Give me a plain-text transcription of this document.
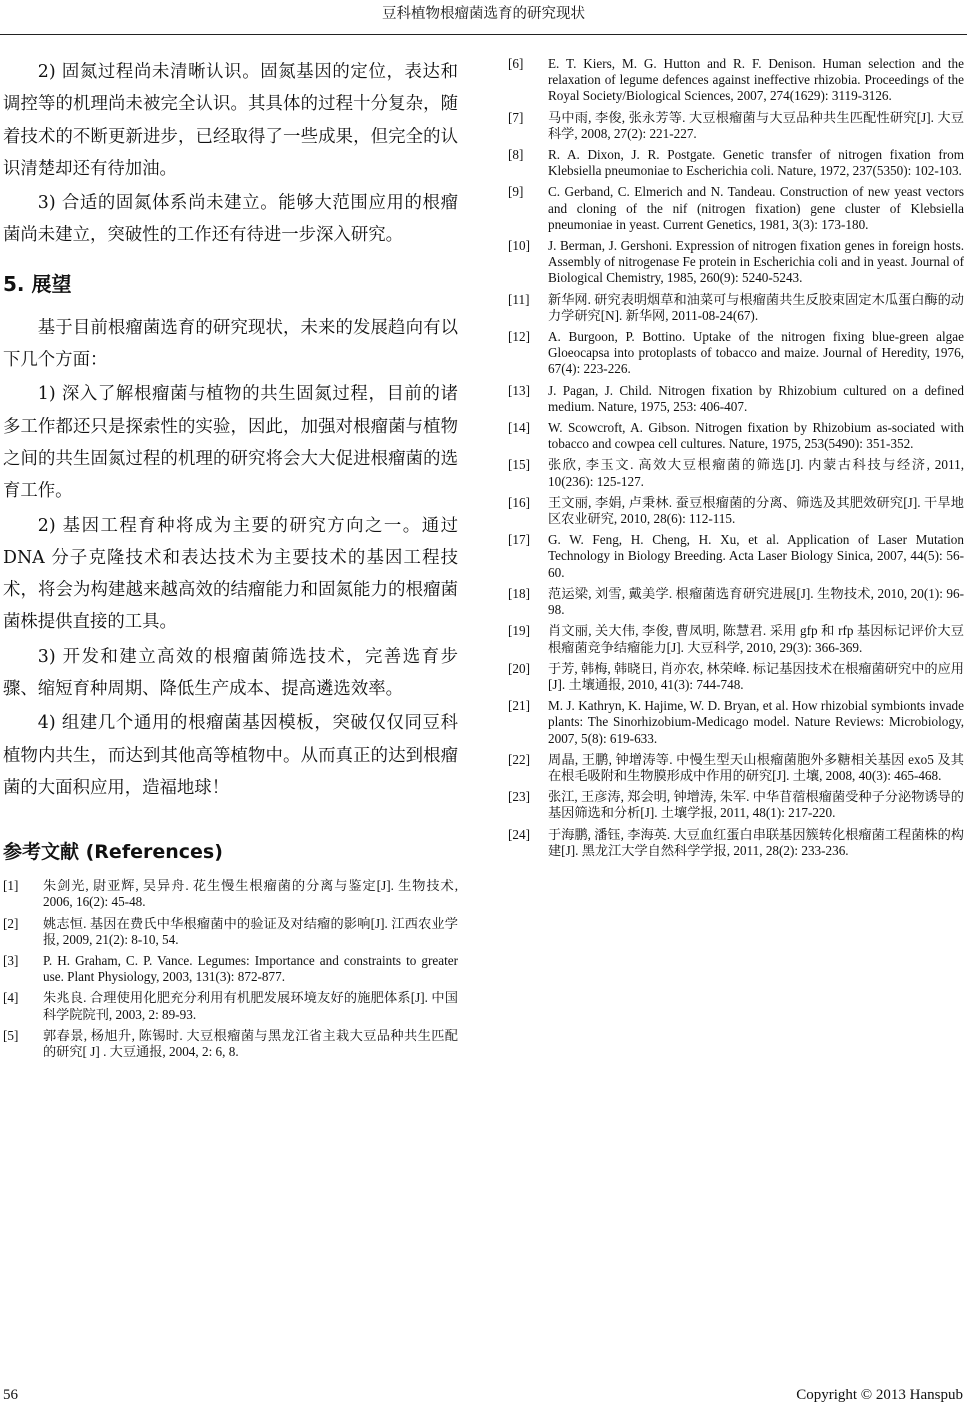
豆科植物根瘤菌选育的研究现状

2) 固氮过程尚未清晰认识。固氮基因的定位，表达和调控等的机理尚未被完全认识。其具体的过程十分复杂，随着技术的不断更新进步，已经取得了一些成果，但完全的认识清楚却还有待加油。

3) 合适的固氮体系尚未建立。能够大范围应用的根瘤菌尚未建立，突破性的工作还有待进一步深入研究。

5. 展望

基于目前根瘤菌选育的研究现状，未来的发展趋向有以下几个方面：

1) 深入了解根瘤菌与植物的共生固氮过程，目前的诸多工作都还只是探索性的实验，因此，加强对根瘤菌与植物之间的共生固氮过程的机理的研究将会大大促进根瘤菌的选育工作。

2) 基因工程育种将成为主要的研究方向之一。通过 DNA 分子克隆技术和表达技术为主要技术的基因工程技术，将会为构建越来越高效的结瘤能力和固氮能力的根瘤菌菌株提供直接的工具。

3) 开发和建立高效的根瘤菌筛选技术，完善选育步骤、缩短育种周期、降低生产成本、提高遴选效率。

4) 组建几个通用的根瘤菌基因模板，突破仅仅同豆科植物内共生，而达到其他高等植物中。从而真正的达到根瘤菌的大面积应用，造福地球！

参考文献 (References)
[1]	朱剑光, 尉亚辉, 吴异舟. 花生慢生根瘤菌的分离与鉴定[J]. 生物技术, 2006, 16(2): 45-48.
[2]	姚志恒. 基因在费氏中华根瘤菌中的验证及对结瘤的影响[J]. 江西农业学报, 2009, 21(2): 8-10, 54.
[3]	P. H. Graham, C. P. Vance. Legumes: Importance and constraints to greater use. Plant Physiology, 2003, 131(3): 872-877.
[4]	朱兆良. 合理使用化肥充分利用有机肥发展环境友好的施肥体系[J]. 中国科学院院刊, 2003, 2: 89-93.
[5]	郭春景, 杨旭升, 陈锡时. 大豆根瘤菌与黑龙江省主栽大豆品种共生匹配的研究[ J] . 大豆通报, 2004, 2: 6, 8.
[6]	E. T. Kiers, M. G. Hutton and R. F. Denison. Human selection and the relaxation of legume defences against ineffective rhizobia. Proceedings of the Royal Society/Biological Sciences, 2007, 274(1629): 3119-3126.
[7]	马中雨, 李俊, 张永芳等. 大豆根瘤菌与大豆品种共生匹配性研究[J]. 大豆科学, 2008, 27(2): 221-227.
[8]	R. A. Dixon, J. R. Postgate. Genetic transfer of nitrogen fixation from Klebsiella pneumoniae to Escherichia coli. Nature, 1972, 237(5350): 102-103.
[9]	C. Gerband, C. Elmerich and N. Tandeau. Construction of new yeast vectors and cloning of the nif (nitrogen fixation) gene cluster of Klebsiella pneumoniae in yeast. Current Genetics, 1981, 3(3): 173-180.
[10]	J. Berman, J. Gershoni. Expression of nitrogen fixation genes in foreign hosts. Assembly of nitrogenase Fe protein in Escherichia coli and in yeast. Journal of Biological Chemistry, 1985, 260(9): 5240-5243.
[11]	新华网. 研究表明烟草和油菜可与根瘤菌共生反胶束固定木瓜蛋白酶的动力学研究[N]. 新华网, 2011-08-24(67).
[12]	A. Burgoon, P. Bottino. Uptake of the nitrogen fixing blue-green algae Gloeocapsa into protoplasts of tobacco and maize. Journal of Heredity, 1976, 67(4): 223-226.
[13]	J. Pagan, J. Child. Nitrogen fixation by Rhizobium cultured on a defined medium. Nature, 1975, 253: 406-407.
[14]	W. Scowcroft, A. Gibson. Nitrogen fixation by Rhizobium as-sociated with tobacco and cowpea cell cultures. Nature, 1975, 253(5490): 351-352.
[15]	张欣, 李玉文. 高效大豆根瘤菌的筛选[J]. 内蒙古科技与经济, 2011, 10(236): 125-127.
[16]	王文丽, 李娟, 卢秉林. 蚕豆根瘤菌的分离、筛选及其肥效研究[J]. 干旱地区农业研究, 2010, 28(6): 112-115.
[17]	G. W. Feng, H. Cheng, H. Xu, et al. Application of Laser Mutation Technology in Biology Breeding. Acta Laser Biology Sinica, 2007, 44(5): 56-60.
[18]	范运梁, 刘雪, 戴美学. 根瘤菌选育研究进展[J]. 生物技术, 2010, 20(1): 96-98.
[19]	肖文丽, 关大伟, 李俊, 曹凤明, 陈慧君. 采用 gfp 和 rfp 基因标记评价大豆根瘤菌竞争结瘤能力[J]. 大豆科学, 2010, 29(3): 366-369.
[20]	于芳, 韩梅, 韩晓日, 肖亦农, 林荣峰. 标记基因技术在根瘤菌研究中的应用[J]. 土壤通报, 2010, 41(3): 744-748.
[21]	M. J. Kathryn, K. Hajime, W. D. Bryan, et al. How rhizobial symbionts invade plants: The Sinorhizobium-Medicago model. Nature Reviews: Microbiology, 2007, 5(8): 619-633.
[22]	周晶, 王鹏, 钟增涛等. 中慢生型天山根瘤菌胞外多糖相关基因 exo5 及其在根毛吸附和生物膜形成中作用的研究[J]. 土壤, 2008, 40(3): 465-468.
[23]	张江, 王彦涛, 郑会明, 钟增涛, 朱军. 中华苜蓿根瘤菌受种子分泌物诱导的基因筛选和分析[J]. 土壤学报, 2011, 48(1): 217-220.
[24]	于海鹏, 潘钰, 李海英. 大豆血红蛋白串联基因簇转化根瘤菌工程菌株的构建[J]. 黑龙江大学自然科学学报, 2011, 28(2): 233-236.
56	Copyright © 2013 Hanspub
